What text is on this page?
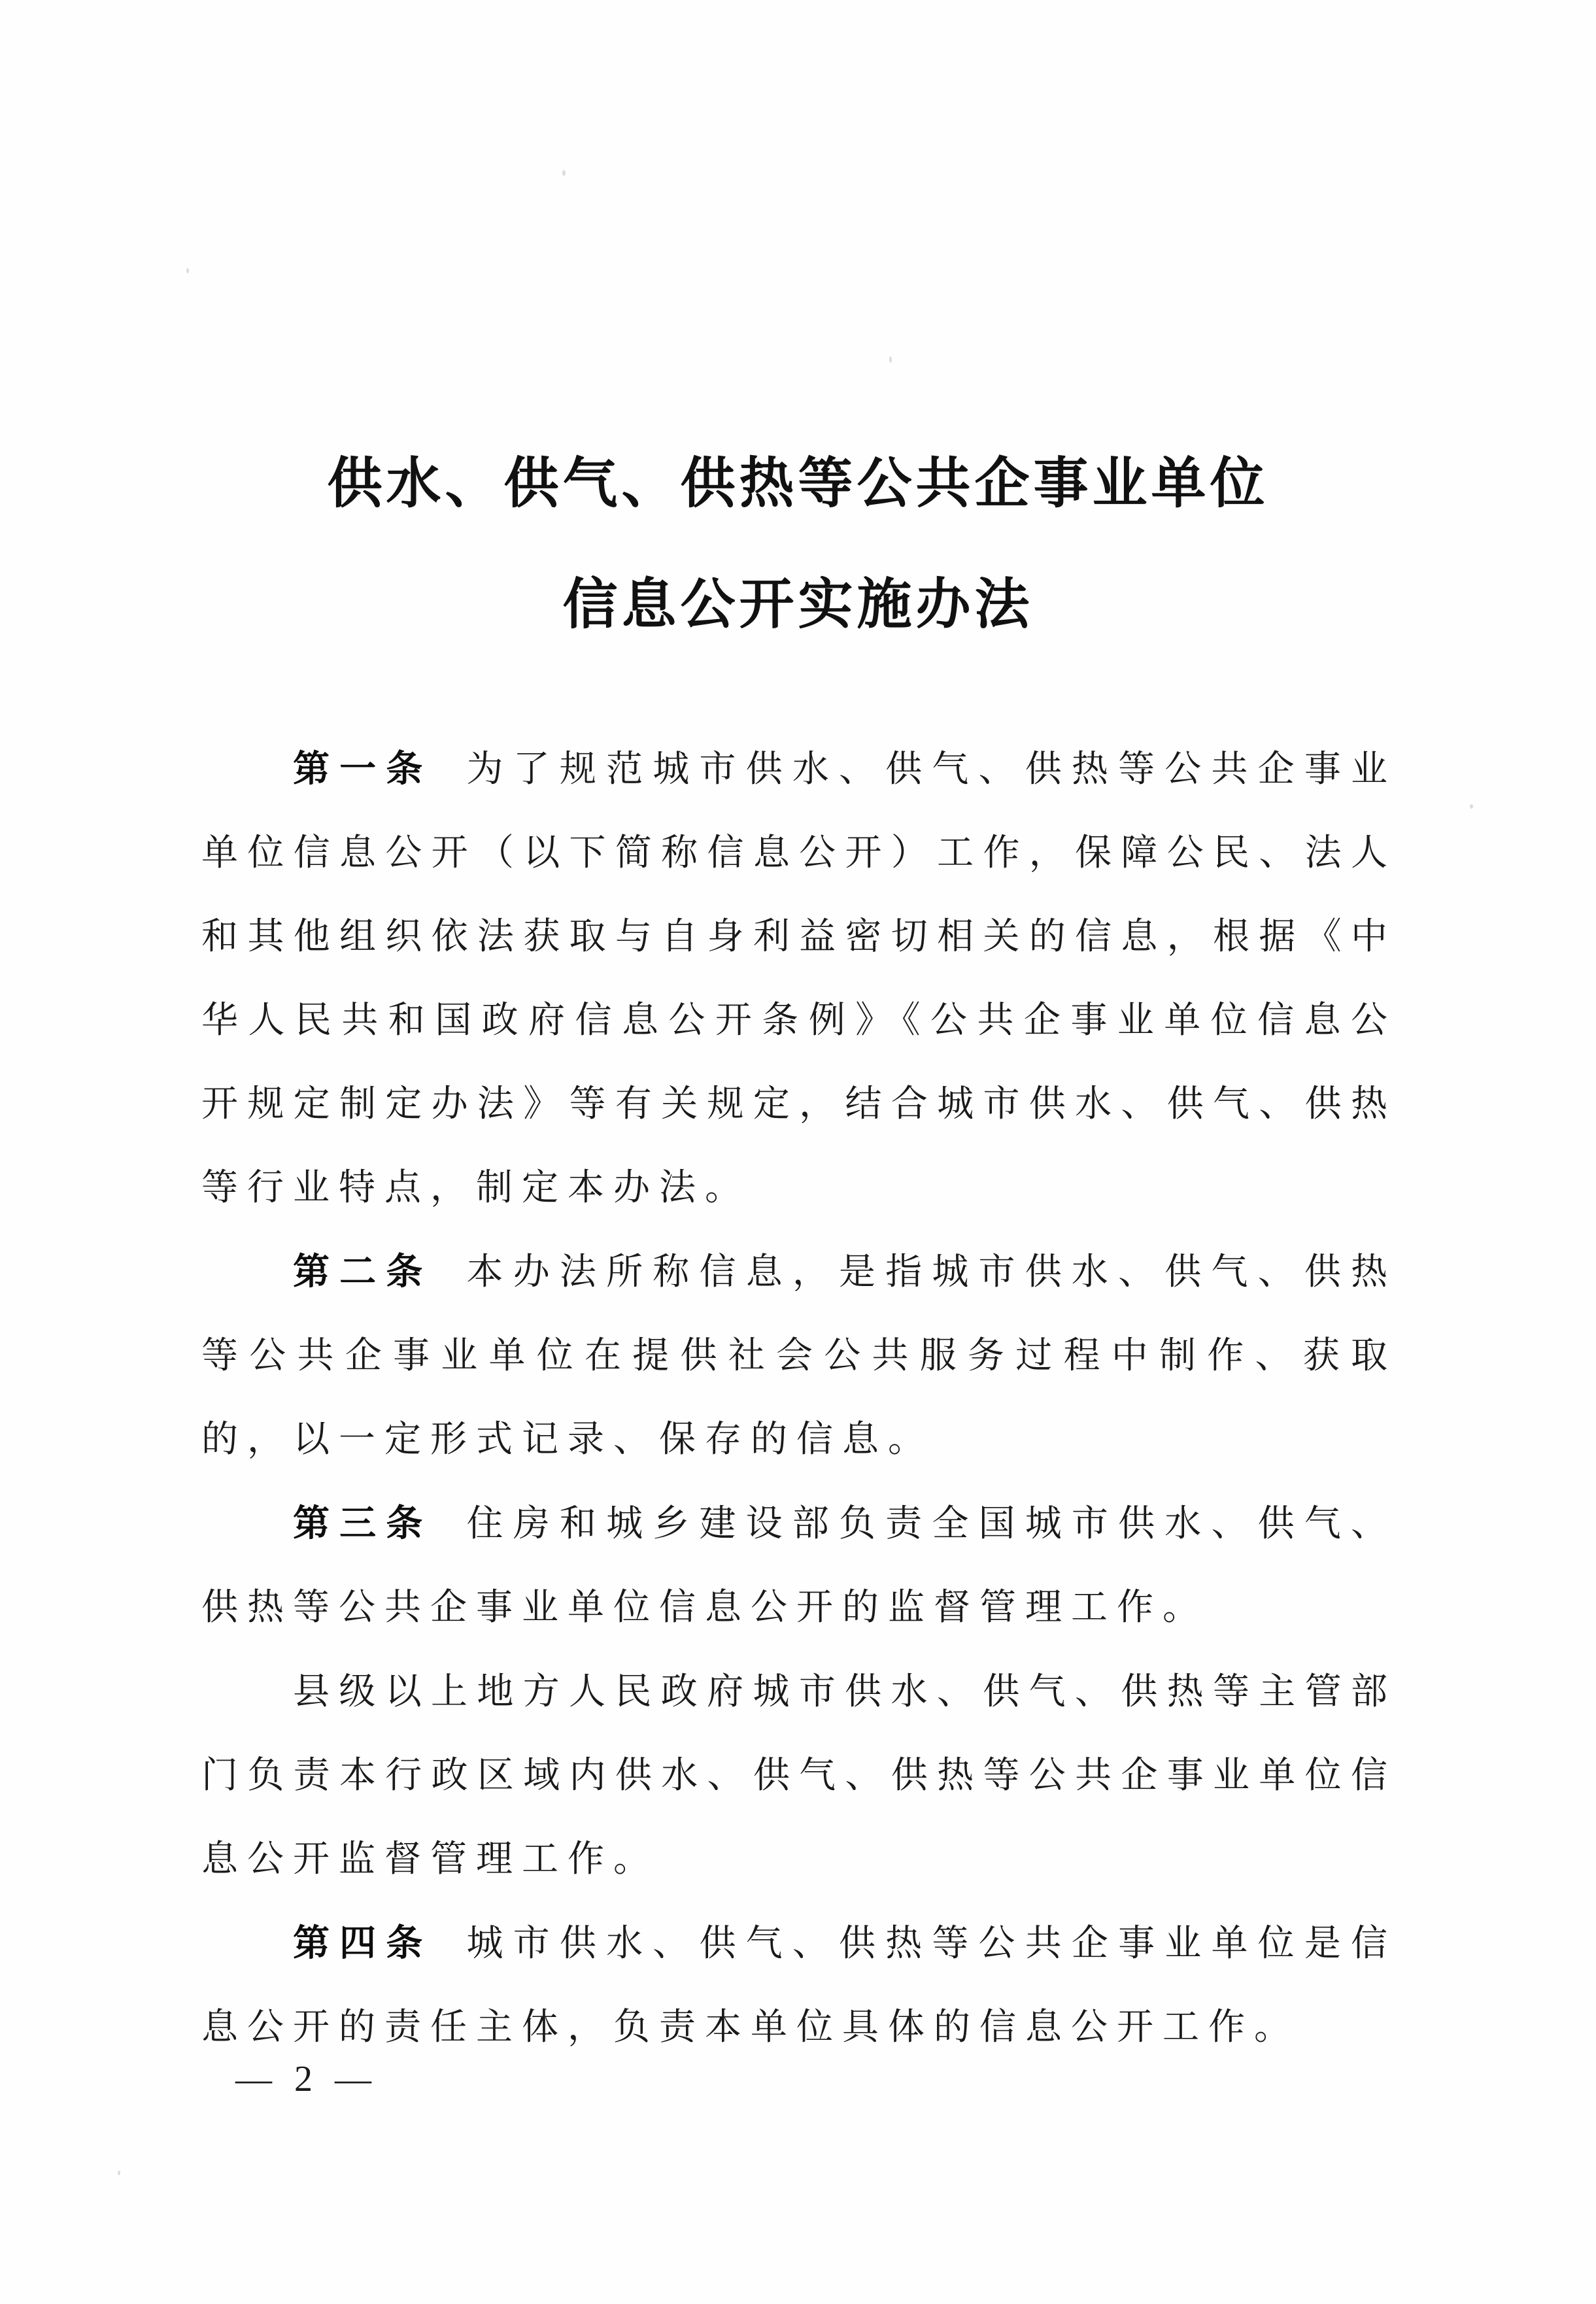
供水、供气、供热等公共企事业单位
信息公开实施办法

第一条 为了规范城市供水、供气、供热等公共企事业单位信息公开（以下简称信息公开）工作，保障公民、法人和其他组织依法获取与自身利益密切相关的信息，根据《中华人民共和国政府信息公开条例》《公共企事业单位信息公开规定制定办法》等有关规定，结合城市供水、供气、供热等行业特点，制定本办法。

第二条 本办法所称信息，是指城市供水、供气、供热等公共企事业单位在提供社会公共服务过程中制作、获取的，以一定形式记录、保存的信息。

第三条 住房和城乡建设部负责全国城市供水、供气、供热等公共企事业单位信息公开的监督管理工作。

县级以上地方人民政府城市供水、供气、供热等主管部门负责本行政区域内供水、供气、供热等公共企事业单位信息公开监督管理工作。

第四条 城市供水、供气、供热等公共企事业单位是信息公开的责任主体，负责本单位具体的信息公开工作。

— 2 —
